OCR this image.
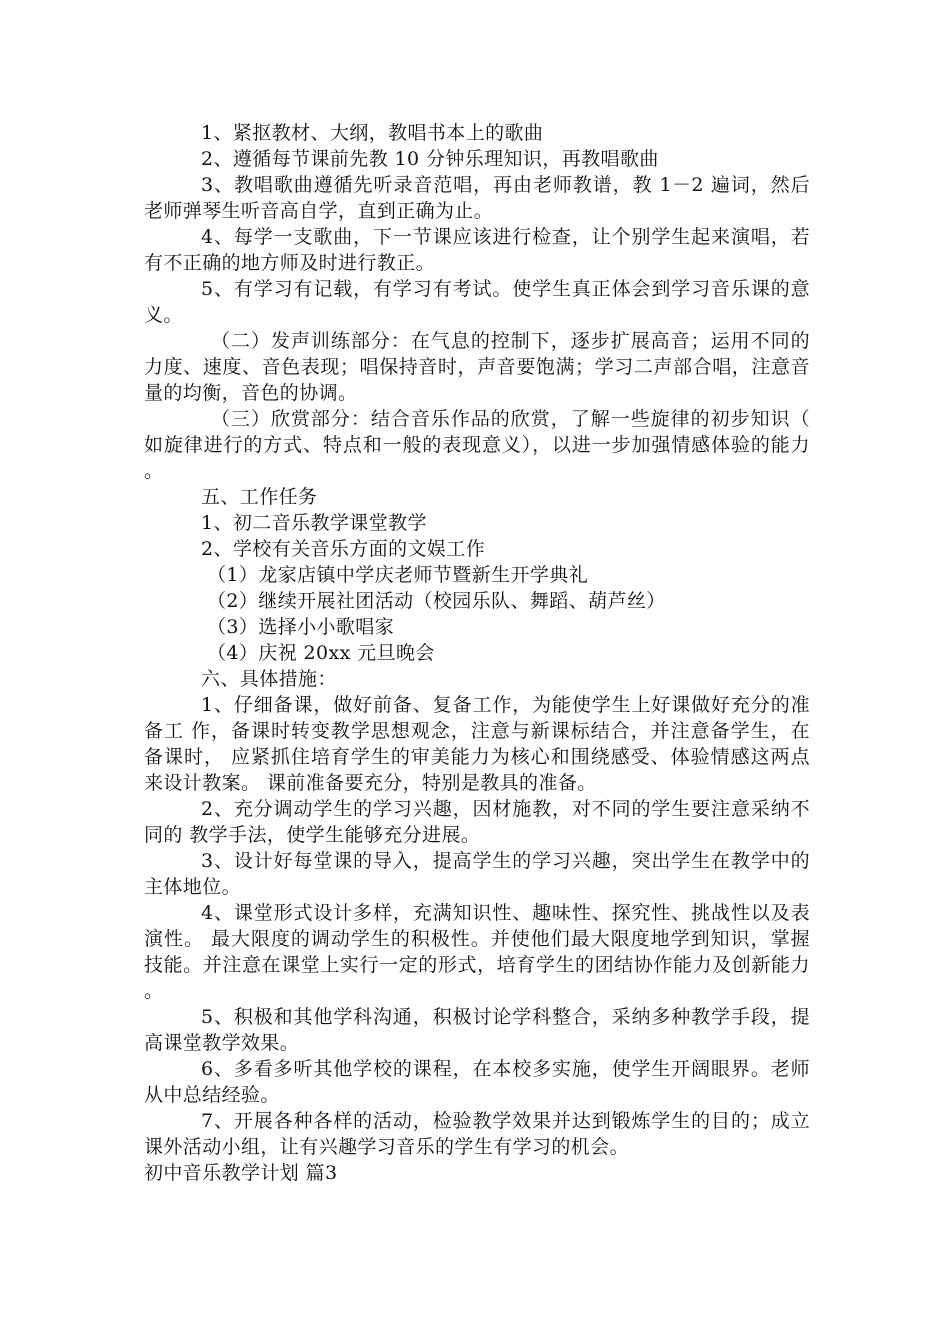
1、紧抠教材、大纲，教唱书本上的歌曲

2、遵循每节课前先教 10 分钟乐理知识，再教唱歌曲

3、教唱歌曲遵循先听录音范唱，再由老师教谱，教 1－2 遍词，然后老师弹琴生听音高自学，直到正确为止。

4、每学一支歌曲，下一节课应该进行检查，让个别学生起来演唱，若有不正确的地方师及时进行教正。

5、有学习有记载，有学习有考试。使学生真正体会到学习音乐课的意义。

（二）发声训练部分：在气息的控制下，逐步扩展高音；运用不同的力度、速度、音色表现；唱保持音时，声音要饱满；学习二声部合唱，注意音量的均衡，音色的协调。

（三）欣赏部分：结合音乐作品的欣赏，了解一些旋律的初步知识（如旋律进行的方式、特点和一般的表现意义），以进一步加强情感体验的能力。

五、工作任务

1、初二音乐教学课堂教学

2、学校有关音乐方面的文娱工作

（1）龙家店镇中学庆老师节暨新生开学典礼

（2）继续开展社团活动（校园乐队、舞蹈、葫芦丝）

（3）选择小小歌唱家

（4）庆祝 20xx 元旦晚会

六、具体措施：

1、仔细备课，做好前备、复备工作，为能使学生上好课做好充分的准备工 作，备课时转变教学思想观念，注意与新课标结合，并注意备学生，在备课时， 应紧抓住培育学生的审美能力为核心和围绕感受、体验情感这两点来设计教案。 课前准备要充分，特别是教具的准备。

2、充分调动学生的学习兴趣，因材施教，对不同的学生要注意采纳不同的 教学手法，使学生能够充分进展。

3、设计好每堂课的导入，提高学生的学习兴趣，突出学生在教学中的主体地位。

4、课堂形式设计多样，充满知识性、趣味性、探究性、挑战性以及表演性。 最大限度的调动学生的积极性。并使他们最大限度地学到知识，掌握技能。并注意在课堂上实行一定的形式，培育学生的团结协作能力及创新能力。

5、积极和其他学科沟通，积极讨论学科整合，采纳多种教学手段，提高课堂教学效果。

6、多看多听其他学校的课程，在本校多实施，使学生开阔眼界。老师从中总结经验。

7、开展各种各样的活动，检验教学效果并达到锻炼学生的目的；成立课外活动小组，让有兴趣学习音乐的学生有学习的机会。

初中音乐教学计划 篇3
